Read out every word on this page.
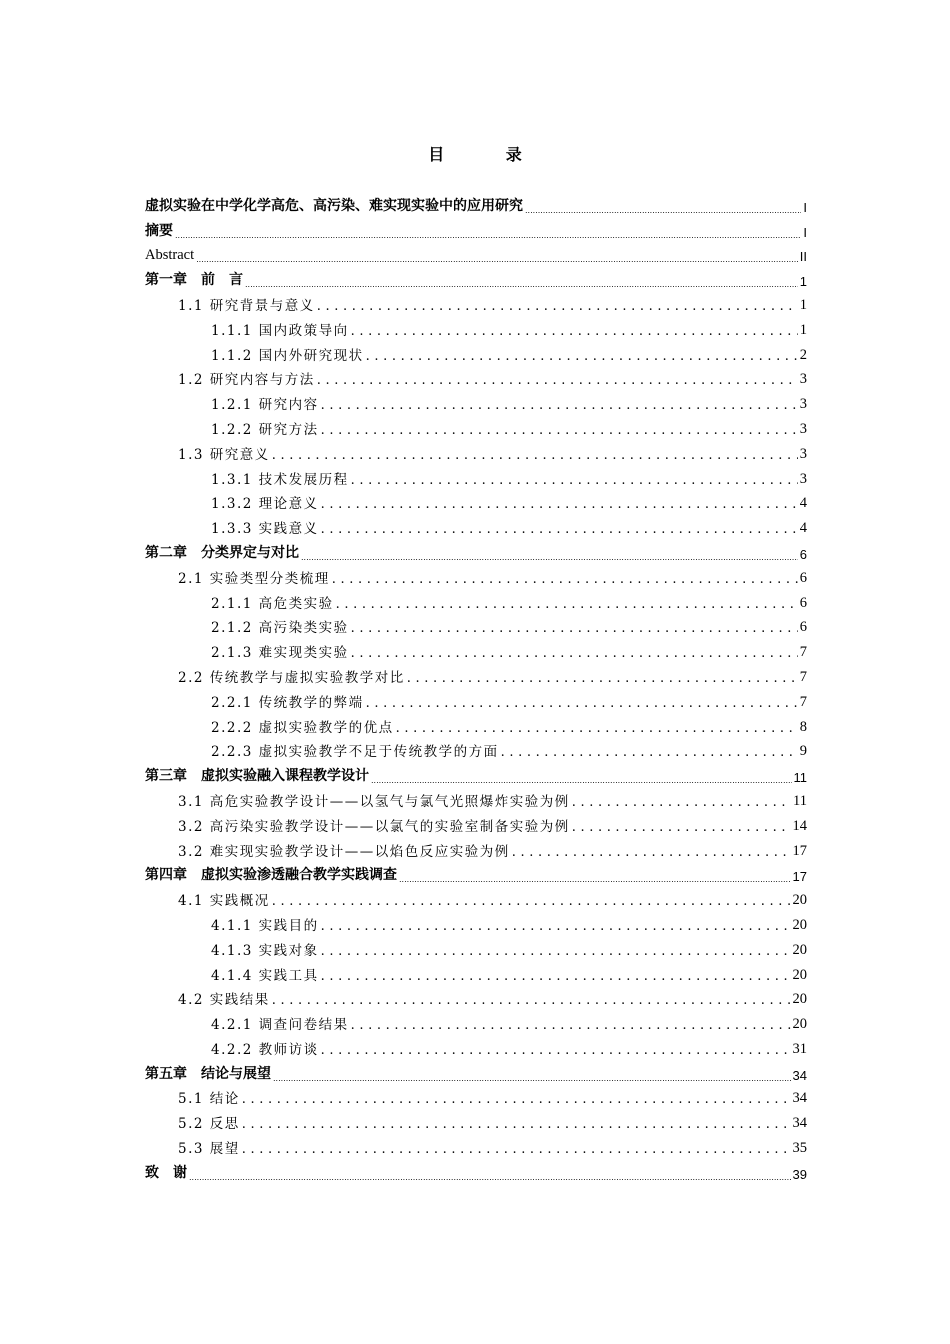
目 录
虚拟实验在中学化学高危、高污染、难实现实验中的应用研究 .....	I
摘要 .....	I
Abstract .....	II
第一章　前　言 .....	1
1.1 研究背景与意义 .....	1
1.1.1 国内政策导向 .....	1
1.1.2 国内外研究现状 .....	2
1.2 研究内容与方法 .....	3
1.2.1 研究内容 .....	3
1.2.2 研究方法 .....	3
1.3 研究意义 .....	3
1.3.1 技术发展历程 .....	3
1.3.2 理论意义 .....	4
1.3.3 实践意义 .....	4
第二章　分类界定与对比 .....	6
2.1 实验类型分类梳理 .....	6
2.1.1 高危类实验 .....	6
2.1.2 高污染类实验 .....	6
2.1.3 难实现类实验 .....	7
2.2 传统教学与虚拟实验教学对比 .....	7
2.2.1 传统教学的弊端 .....	7
2.2.2 虚拟实验教学的优点 .....	8
2.2.3 虚拟实验教学不足于传统教学的方面 .....	9
第三章　虚拟实验融入课程教学设计 .....	11
3.1 高危实验教学设计——以氢气与氯气光照爆炸实验为例 .....	11
3.2 高污染实验教学设计——以氯气的实验室制备实验为例 .....	14
3.2 难实现实验教学设计——以焰色反应实验为例 .....	17
第四章　虚拟实验渗透融合教学实践调查 .....	17
4.1 实践概况 .....	20
4.1.1 实践目的 .....	20
4.1.3 实践对象 .....	20
4.1.4 实践工具 .....	20
4.2 实践结果 .....	20
4.2.1 调查问卷结果 .....	20
4.2.2 教师访谈 .....	31
第五章　结论与展望 .....	34
5.1 结论 .....	34
5.2 反思 .....	34
5.3 展望 .....	35
致　谢 .....	39
